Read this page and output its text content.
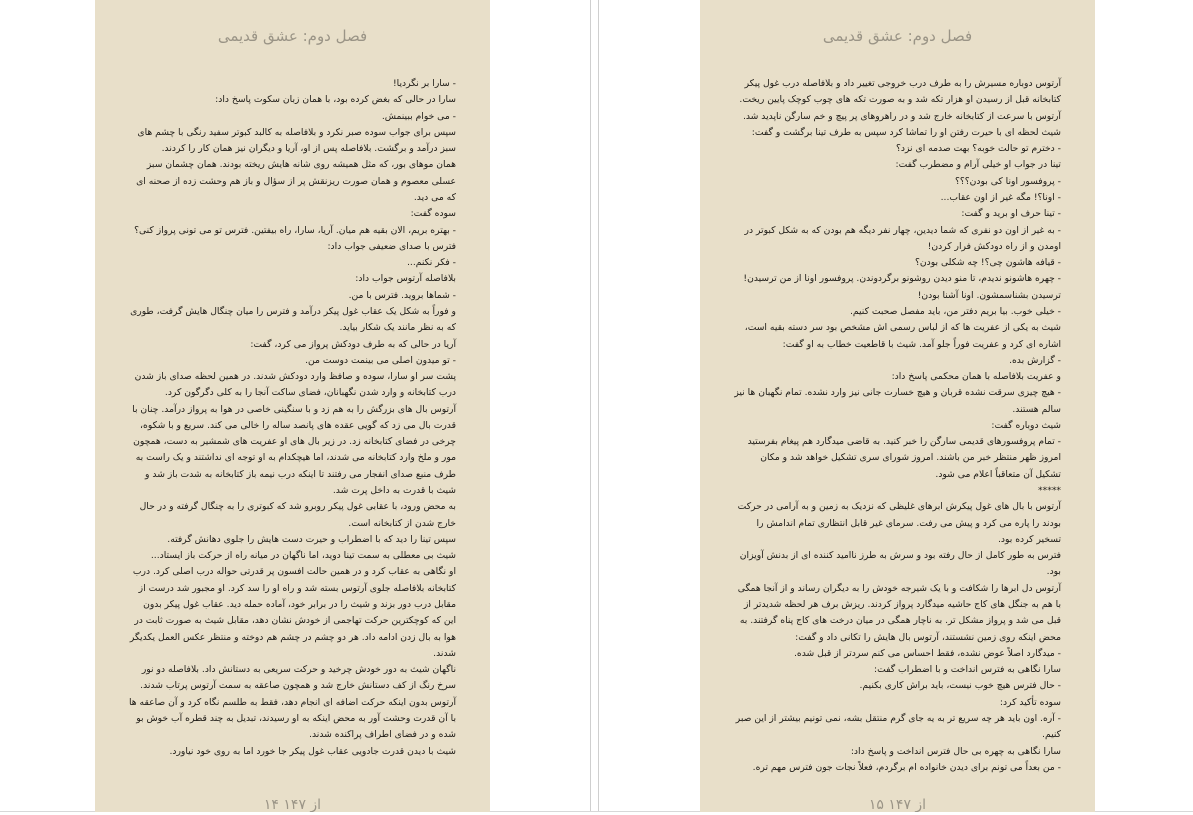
فصل دوم: عشق قدیمی
- سارا بر نگردیا!
سارا در حالی که بغض کرده بود، با همان زبان سکوت پاسخ داد:
- می خوام ببینمش.
سپس برای جواب سوده صبر نکرد و بلافاصله به کالبد کبوتر سفید رنگی با چشم های سبز درآمد و برگشت. بلافاصله پس از او، آریا و دیگران نیز همان کار را کردند.
همان موهای بور، که مثل همیشه روی شانه هایش ریخته بودند. همان چشمان سبز عسلی معصوم و همان صورت ریزنقش پر از سؤال و باز هم وحشت زده از صحنه ای که می دید.
سوده گفت:
- بهتره بریم، الان بقیه هم میان. آریا، سارا، راه بیفتین. فترس تو می تونی پرواز کنی؟
فترس با صدای ضعیفی جواب داد:
- فکر نکنم...
بلافاصله آرتوس جواب داد:
- شماها بروید. فترس با من.
و فوراً به شکل یک عقاب غول پیکر درآمد و فترس را میان چنگال هایش گرفت، طوری که به نظر مانند یک شکار بیاید.
آریا در حالی که به طرف دودکش پرواز می کرد، گفت:
- تو میدون اصلی می بینمت دوست من.
پشت سر او سارا، سوده و صافظ وارد دودکش شدند. در همین لحظه صدای باز شدن درب کتابخانه و وارد شدن نگهبانان، فضای ساکت آنجا را به کلی دگرگون کرد.
آرتوس بال های بزرگش را به هم زد و با سنگینی خاصی در هوا به پرواز درآمد. چنان با قدرت بال می زد که گویی عقده های پانصد ساله را خالی می کند. سریع و با شکوه، چرخی در فضای کتابخانه زد. در زیر بال های او عفریت های شمشیر به دست، همچون مور و ملخ وارد کتابخانه می شدند، اما هیچکدام به او توجه ای نداشتند و یک راست به طرف منبع صدای انفجار می رفتند تا اینکه درب نیمه باز کتابخانه به شدت باز شد و شیث با قدرت به داخل پرت شد.
به محض ورود، با عقابی غول پیکر روبرو شد که کبوتری را به چنگال گرفته و در حال خارج شدن از کتابخانه است.
سپس تینا را دید که با اضطراب و حیرت دست هایش را جلوی دهانش گرفته.
شیث بی معطلی به سمت تینا دوید، اما ناگهان در میانه راه از حرکت باز ایستاد...
او نگاهی به عقاب کرد و در همین حالت افسون پر قدرتی حواله درب اصلی کرد. درب کتابخانه بلافاصله جلوی آرتوس بسته شد و راه او را سد کرد. او مجبور شد درست از مقابل درب دور بزند و شیث را در برابر خود، آماده حمله دید. عقاب غول پیکر بدون این که کوچکترین حرکت تهاجمی از خودش نشان دهد، مقابل شیث به صورت ثابت در هوا به بال زدن ادامه داد. هر دو چشم در چشم هم دوخته و منتظر عکس العمل یکدیگر شدند.
ناگهان شیث به دور خودش چرخید و حرکت سریعی به دستانش داد. بلافاصله دو نور سرخ رنگ از کف دستانش خارج شد و همچون صاعقه به سمت آرتوس پرتاب شدند.
آرتوس بدون اینکه حرکت اضافه ای انجام دهد، فقط به طلسم نگاه کرد و آن صاعقه ها با آن قدرت وحشت آور به محض اینکه به او رسیدند، تبدیل به چند قطره آب خوش بو شده و در فضای اطراف پراکنده شدند.
شیث با دیدن قدرت جادویی عقاب غول پیکر جا خورد اما به روی خود نیاورد.
۱۴ از ۱۴۷
فصل دوم: عشق قدیمی
آرتوس دوباره مسیرش را به طرف درب خروجی تغییر داد و بلافاصله درب غول پیکر کتابخانه قبل از رسیدن او هزار تکه شد و به صورت تکه های چوب کوچک پایین ریخت.
آرتوس با سرعت از کتابخانه خارج شد و در راهروهای پر پیچ و خم سارگن ناپدید شد.
شیث لحظه ای با حیرت رفتن او را تماشا کرد سپس به طرف تینا برگشت و گفت:
- دخترم تو حالت خوبه؟ بهت صدمه ای نزد؟
تینا در جواب او خیلی آرام و مضطرب گفت:
- پروفسور اونا کی بودن؟؟؟
- اونا؟! مگه غیر از اون عقاب...
- تینا حرف او برید و گفت:
- به غیر از اون دو نفری که شما دیدین، چهار نفر دیگه هم بودن که به شکل کبوتر در اومدن و از راه دودکش فرار کردن!
- قیافه هاشون چی؟! چه شکلی بودن؟
- چهره هاشونو ندیدم، تا منو دیدن روشونو برگردوندن. پروفسور اونا از من ترسیدن! ترسیدن بشناسمشون. اونا آشنا بودن!
- خیلی خوب. بیا بریم دفتر من، باید مفصل صحبت کنیم.
شیث به یکی از عفریت ها که از لباس رسمی اش مشخص بود سر دسته بقیه است، اشاره ای کرد و عفریت فوراً جلو آمد. شیث با قاطعیت خطاب به او گفت:
- گزارش بده.
و عفریت بلافاصله با همان محکمی پاسخ داد:
- هیچ چیزی سرقت نشده قربان و هیچ خسارت جانی نیز وارد نشده. تمام نگهبان ها نیز سالم هستند.
شیث دوباره گفت:
- تمام پروفسورهای قدیمی سارگن را خبر کنید. به قاضی میدگارد هم پیغام بفرستید امروز ظهر منتظر خبر من باشند. امروز شورای سری تشکیل خواهد شد و مکان تشکیل آن متعاقباً اعلام می شود.
*****
آرتوس با بال های غول پیکرش ابرهای غلیظی که نزدیک به زمین و به آرامی در حرکت بودند را پاره می کرد و پیش می رفت. سرمای غیر قابل انتظاری تمام اندامش را تسخیر کرده بود.
فترس به طور کامل از حال رفته بود و سرش به طرز ناامید کننده ای از بدنش آویزان بود.
آرتوس دل ابرها را شکافت و با یک شیرجه خودش را به دیگران رساند و از آنجا همگی با هم به جنگل های کاج حاشیه میدگارد پرواز کردند. ریزش برف هر لحظه شدیدتر از قبل می شد و پرواز مشکل تر. به ناچار همگی در میان درخت های کاج پناه گرفتند. به محض اینکه روی زمین نشستند، آرتوس بال هایش را تکانی داد و گفت:
- میدگارد اصلاً عوض نشده، فقط احساس می کنم سردتر از قبل شده.
سارا نگاهی به فترس انداخت و با اضطراب گفت:
- حال فترس هیچ خوب نیست، باید براش کاری بکنیم.
سوده تأکید کرد:
- آره. اون باید هر چه سریع تر به یه جای گرم منتقل بشه، نمی تونیم بیشتر از این صبر کنیم.
سارا نگاهی به چهره بی حال فترس انداخت و پاسخ داد:
- من بعداً می تونم برای دیدن خانواده ام برگردم، فعلاً نجات جون فترس مهم تره.
۱۵ از ۱۴۷
